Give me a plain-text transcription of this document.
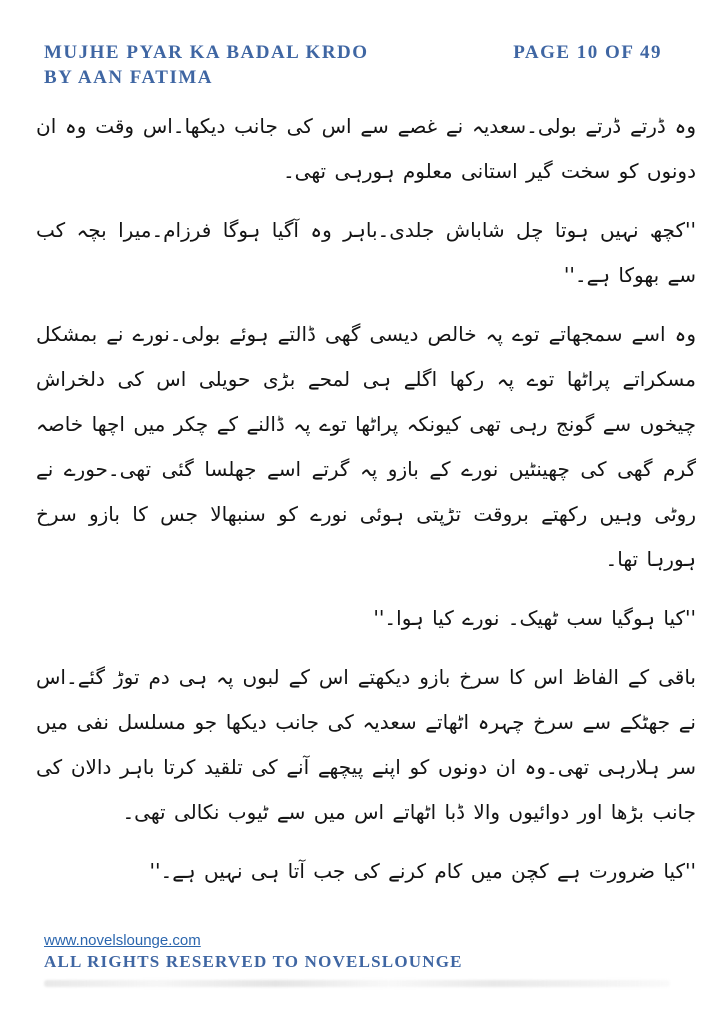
MUJHE PYAR KA BADAL KRDO	PAGE 10 OF 49
BY AAN FATIMA

وہ ڈرتے ڈرتے بولی۔سعدیہ نے غصے سے اس کی جانب دیکھا۔اس وقت وہ ان دونوں کو سخت گیر استانی معلوم ہورہی تھی۔

''کچھ نہیں ہوتا چل شاباش جلدی۔باہر وہ آگیا ہوگا فرزام۔میرا بچہ کب سے بھوکا ہے۔''

وہ اسے سمجھاتے توے پہ خالص دیسی گھی ڈالتے ہوئے بولی۔نورے نے بمشکل مسکراتے پراٹھا توے پہ رکھا اگلے ہی لمحے بڑی حویلی اس کی دلخراش چیخوں سے گونج رہی تھی کیونکہ پراٹھا توے پہ ڈالنے کے چکر میں اچھا خاصہ گرم گھی کی چھینٹیں نورے کے بازو پہ گرتے اسے جھلسا گئی تھی۔حورے نے روٹی وہیں رکھتے بروقت تڑپتی ہوئی نورے کو سنبھالا جس کا بازو سرخ ہورہا تھا۔

''کیا ہوگیا سب ٹھیک۔ نورے کیا ہوا۔''

باقی کے الفاظ اس کا سرخ بازو دیکھتے اس کے لبوں پہ ہی دم توڑ گئے۔اس نے جھٹکے سے سرخ چہرہ اٹھاتے سعدیہ کی جانب دیکھا جو مسلسل نفی میں سر ہلارہی تھی۔وہ ان دونوں کو اپنے پیچھے آنے کی تلقید کرتا باہر دالان کی جانب بڑھا اور دوائیوں والا ڈبا اٹھاتے اس میں سے ٹیوب نکالی تھی۔

''کیا ضرورت ہے کچن میں کام کرنے کی جب آتا ہی نہیں ہے۔''

www.novelslounge.com
ALL RIGHTS RESERVED TO NOVELSLOUNGE
